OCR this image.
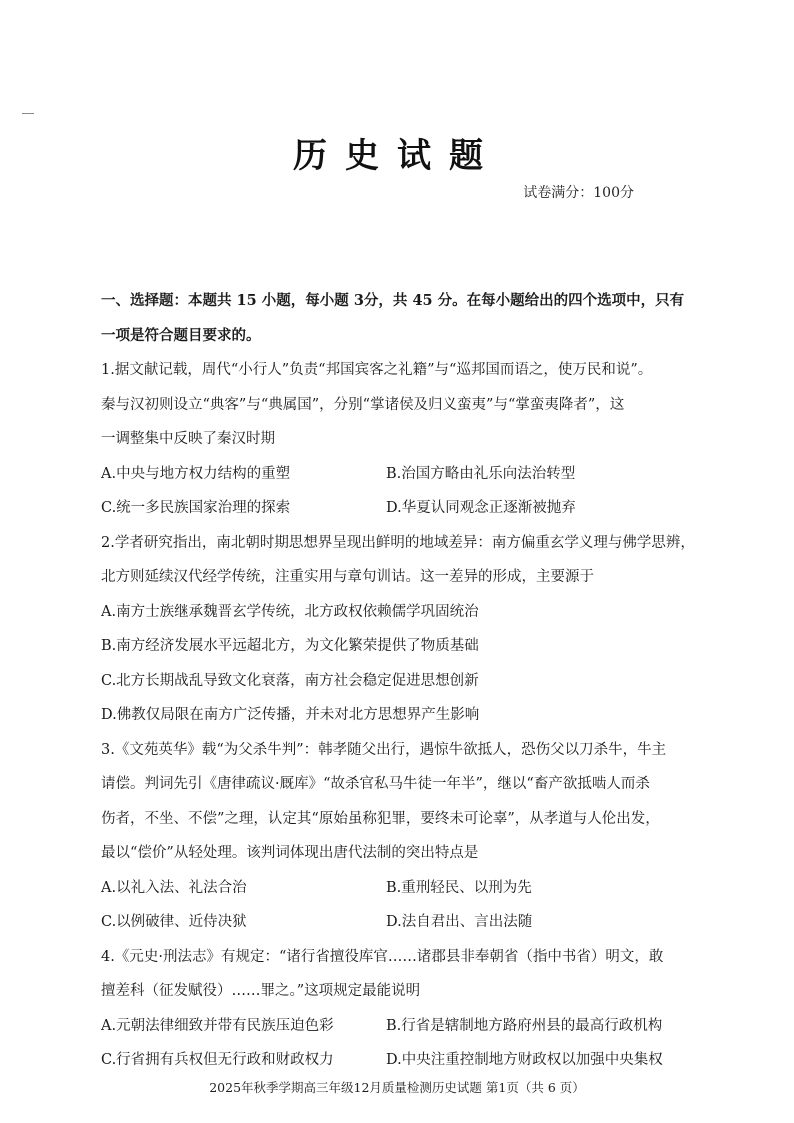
历史试题
试卷满分：100分
一、选择题：本题共 15 小题，每小题 3分，共 45 分。在每小题给出的四个选项中，只有
一项是符合题目要求的。
1.据文献记载，周代“小行人”负责“邦国宾客之礼籍”与“巡邦国而语之，使万民和说”。
秦与汉初则设立“典客”与“典属国”，分别“掌诸侯及归义蛮夷”与“掌蛮夷降者”，这
一调整集中反映了秦汉时期
A.中央与地方权力结构的重塑	B.治国方略由礼乐向法治转型
C.统一多民族国家治理的探索	D.华夏认同观念正逐渐被抛弃
2.学者研究指出，南北朝时期思想界呈现出鲜明的地域差异：南方偏重玄学义理与佛学思辨，
北方则延续汉代经学传统，注重实用与章句训诂。这一差异的形成，主要源于
A.南方士族继承魏晋玄学传统，北方政权依赖儒学巩固统治
B.南方经济发展水平远超北方，为文化繁荣提供了物质基础
C.北方长期战乱导致文化衰落，南方社会稳定促进思想创新
D.佛教仅局限在南方广泛传播，并未对北方思想界产生影响
3.《文苑英华》载“为父杀牛判”：韩孝随父出行，遇惊牛欲抵人，恐伤父以刀杀牛，牛主
请偿。判词先引《唐律疏议·厩库》“故杀官私马牛徒一年半”，继以“畜产欲抵啮人而杀
伤者，不坐、不偿”之理，认定其“原始虽称犯罪，要终未可论辜”，从孝道与人伦出发，
最以“偿价”从轻处理。该判词体现出唐代法制的突出特点是
A.以礼入法、礼法合治	B.重刑轻民、以刑为先
C.以例破律、近侍决狱	D.法自君出、言出法随
4.《元史·刑法志》有规定：“诸行省擅役库官……诸郡县非奉朝省（指中书省）明文，敢
擅差科（征发赋役）……罪之。”这项规定最能说明
A.元朝法律细致并带有民族压迫色彩	B.行省是辖制地方路府州县的最高行政机构
C.行省拥有兵权但无行政和财政权力	D.中央注重控制地方财政权以加强中央集权
2025年秋季学期高三年级12月质量检测历史试题 第1页（共 6 页）
